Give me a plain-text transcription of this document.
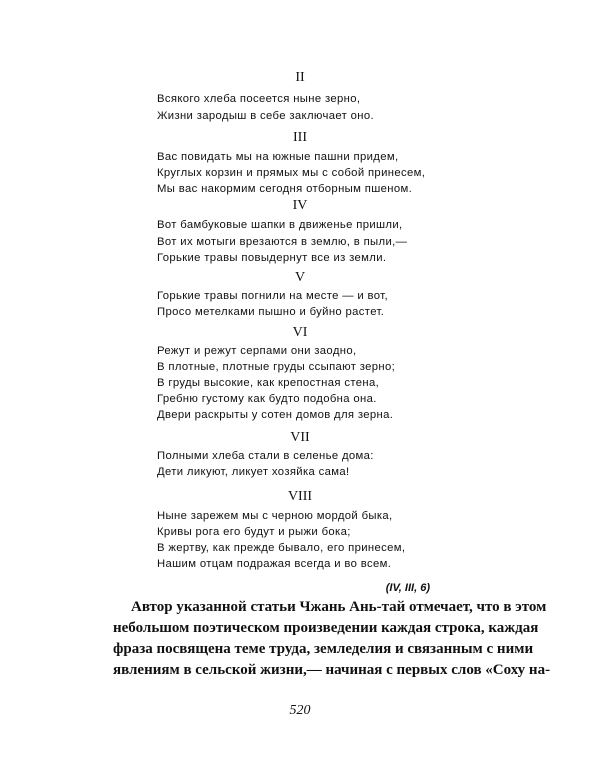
II
Всякого хлеба посеется ныне зерно,
Жизни зародыш в себе заключает оно.
III
Вас повидать мы на южные пашни придем,
Круглых корзин и прямых мы с собой принесем,
Мы вас накормим сегодня отборным пшеном.
IV
Вот бамбуковые шапки в движенье пришли,
Вот их мотыги врезаются в землю, в пыли,—
Горькие травы повыдернут все из земли.
V
Горькие травы погнили на месте — и вот,
Просо метелками пышно и буйно растет.
VI
Режут и режут серпами они заодно,
В плотные, плотные груды ссыпают зерно;
В груды высокие, как крепостная стена,
Гребню густому как будто подобна она.
Двери раскрыты у сотен домов для зерна.
VII
Полными хлеба стали в селенье дома:
Дети ликуют, ликует хозяйка сама!
VIII
Ныне зарежем мы с черною мордой быка,
Кривы рога его будут и рыжи бока;
В жертву, как прежде бывало, его принесем,
Нашим отцам подражая всегда и во всем.
(IV, III, 6)
Автор указанной статьи Чжань Ань-тай отмечает, что в этом
небольшом поэтическом произведении каждая строка, каждая
фраза посвящена теме труда, земледелия и связанным с ними
явлениям в сельской жизни,— начиная с первых слов «Соху на-
520
